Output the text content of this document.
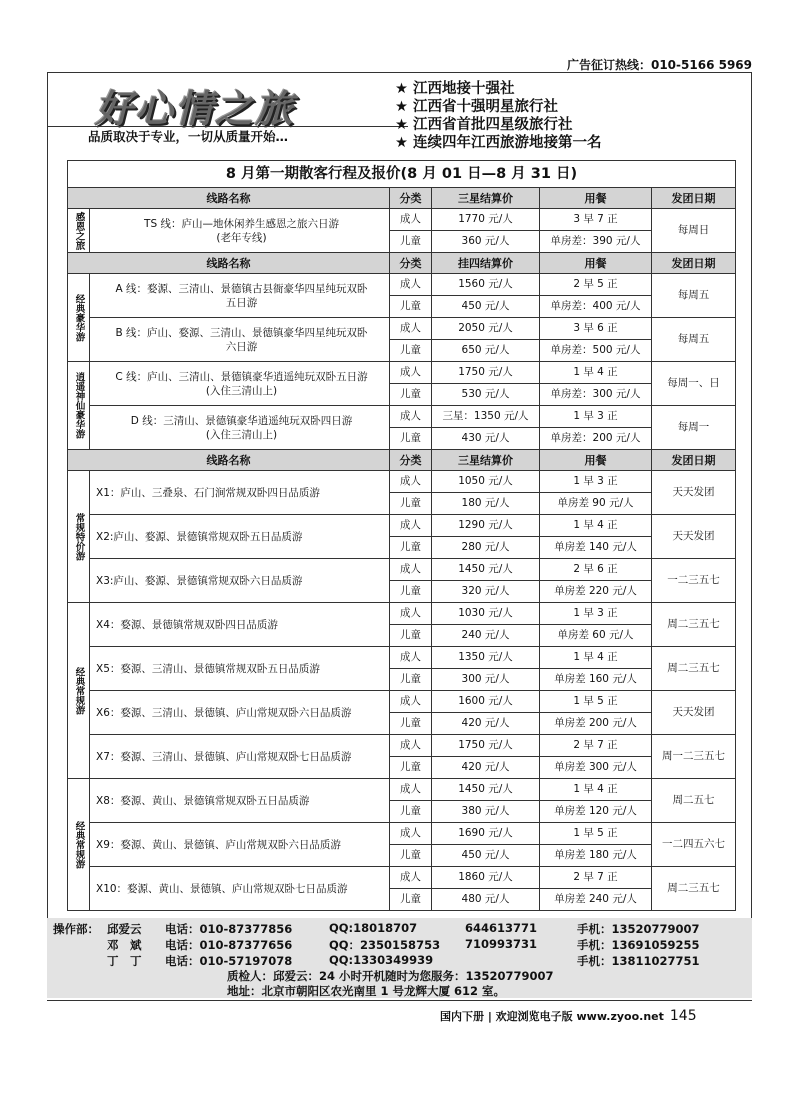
广告征订热线：010-5166 5969
好心情之旅
品质取决于专业，一切从质量开始…
★ 江西地接十强社
★ 江西省十强明星旅行社
★ 江西省首批四星级旅行社
★ 连续四年江西旅游地接第一名
8 月第一期散客行程及报价(8 月 01 日—8 月 31 日)					
线路名称		分类	三星结算价	用餐	发团日期
感恩之旅	TS 线：庐山—地休闲养生感恩之旅六日游
(老年专线)	成人	1770 元/人	3 早 7 正	每周日
		儿童	360 元/人	单房差：390 元/人	
线路名称		分类	挂四结算价	用餐	发团日期
经典豪华游	A 线：婺源、三清山、景德镇古县衙豪华四星纯玩双卧
五日游	成人	1560 元/人	2 早 5 正	每周五
		儿童	450 元/人	单房差：400 元/人	
	B 线：庐山、婺源、三清山、景德镇豪华四星纯玩双卧
六日游	成人	2050 元/人	3 早 6 正	每周五
		儿童	650 元/人	单房差：500 元/人	
逍遥神仙豪华游	C 线：庐山、三清山、景德镇豪华逍遥纯玩双卧五日游
(入住三清山上)	成人	1750 元/人	1 早 4 正	每周一、日
		儿童	530 元/人	单房差：300 元/人	
	D 线：三清山、景德镇豪华逍遥纯玩双卧四日游
(入住三清山上)	成人	三星：1350 元/人	1 早 3 正	每周一
		儿童	430 元/人	单房差：200 元/人	
线路名称		分类	三星结算价	用餐	发团日期
常规特价游	X1：庐山、三叠泉、石门涧常规双卧四日品质游	成人	1050 元/人	1 早 3 正	天天发团
		儿童	180 元/人	单房差 90 元/人	
	X2:庐山、婺源、景德镇常规双卧五日品质游	成人	1290 元/人	1 早 4 正	天天发团
		儿童	280 元/人	单房差 140 元/人	
	X3:庐山、婺源、景德镇常规双卧六日品质游	成人	1450 元/人	2 早 6 正	一二三五七
		儿童	320 元/人	单房差 220 元/人	
经典常规游	X4：婺源、景德镇常规双卧四日品质游	成人	1030 元/人	1 早 3 正	周二三五七
		儿童	240 元/人	单房差 60 元/人	
	X5：婺源、三清山、景德镇常规双卧五日品质游	成人	1350 元/人	1 早 4 正	周二三五七
		儿童	300 元/人	单房差 160 元/人	
	X6：婺源、三清山、景德镇、庐山常规双卧六日品质游	成人	1600 元/人	1 早 5 正	天天发团
		儿童	420 元/人	单房差 200 元/人	
	X7：婺源、三清山、景德镇、庐山常规双卧七日品质游	成人	1750 元/人	2 早 7 正	周一二三五七
		儿童	420 元/人	单房差 300 元/人	
经典常规游	X8：婺源、黄山、景德镇常规双卧五日品质游	成人	1450 元/人	1 早 4 正	周二五七
		儿童	380 元/人	单房差 120 元/人	
	X9：婺源、黄山、景德镇、庐山常规双卧六日品质游	成人	1690 元/人	1 早 5 正	一二四五六七
		儿童	450 元/人	单房差 180 元/人	
	X10：婺源、黄山、景德镇、庐山常规双卧七日品质游	成人	1860 元/人	2 早 7 正	周二三五七
		儿童	480 元/人	单房差 240 元/人	
操作部： 邱爱云 电话：010-87377856	QQ:18018707	644613771	手机：13520779007
邓　斌 电话：010-87377656	QQ：2350158753 710993731	手机：13691059255
丁　丁 电话：010-57197078	QQ:1330349939	手机：13811027751
质检人：邱爱云：24 小时开机随时为您服务：13520779007
地址：北京市朝阳区农光南里 1 号龙辉大厦 612 室。
国内下册 | 欢迎浏览电子版 www.zyoo.net 145
